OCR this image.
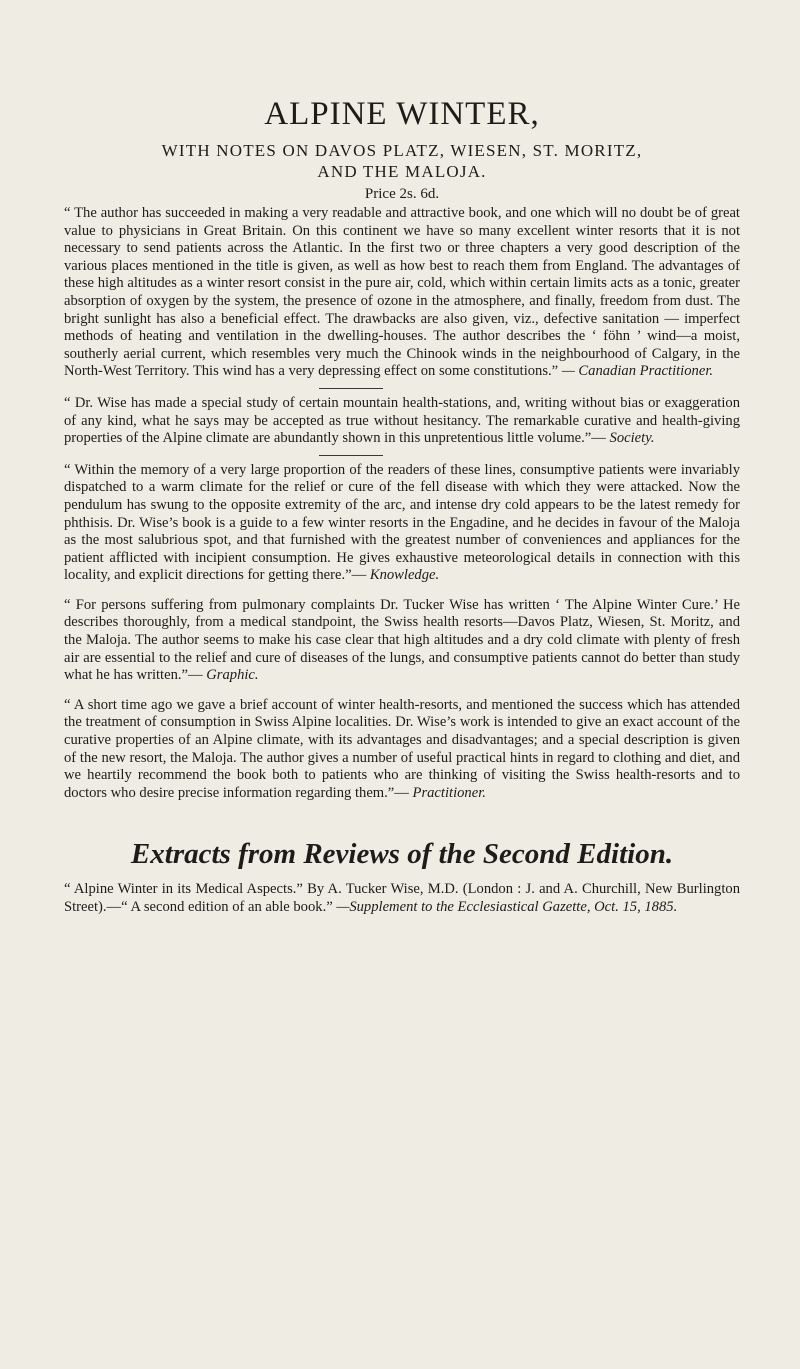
ALPINE WINTER,

WITH NOTES ON DAVOS PLATZ, WIESEN, ST. MORITZ,

AND THE MALOJA.

Price 2s. 6d.

“ The author has succeeded in making a very readable and attractive book, and one which will no doubt be of great value to physicians in Great Britain. On this continent we have so many excellent winter resorts that it is not necessary to send patients across the Atlantic. In the first two or three chapters a very good description of the various places mentioned in the title is given, as well as how best to reach them from England. The advantages of these high altitudes as a winter resort consist in the pure air, cold, which within certain limits acts as a tonic, greater absorption of oxygen by the system, the presence of ozone in the atmosphere, and finally, freedom from dust. The bright sunlight has also a beneficial effect. The drawbacks are also given, viz., defective sanitation — imperfect methods of heating and ventilation in the dwelling-houses. The author describes the ‘ föhn ’ wind—a moist, southerly aerial current, which resembles very much the Chinook winds in the neighbourhood of Calgary, in the North-West Territory. This wind has a very depressing effect on some constitutions.” — Canadian Practitioner.

“ Dr. Wise has made a special study of certain mountain health-stations, and, writing without bias or exaggeration of any kind, what he says may be accepted as true without hesitancy. The remarkable curative and health-giving properties of the Alpine climate are abundantly shown in this unpretentious little volume.”— Society.

“ Within the memory of a very large proportion of the readers of these lines, consumptive patients were invariably dispatched to a warm climate for the relief or cure of the fell disease with which they were attacked. Now the pendulum has swung to the opposite extremity of the arc, and intense dry cold appears to be the latest remedy for phthisis. Dr. Wise’s book is a guide to a few winter resorts in the Engadine, and he decides in favour of the Maloja as the most salubrious spot, and that furnished with the greatest number of conveniences and appliances for the patient afflicted with incipient consumption. He gives exhaustive meteorological details in connection with this locality, and explicit directions for getting there.”— Knowledge.

“ For persons suffering from pulmonary complaints Dr. Tucker Wise has written ‘ The Alpine Winter Cure.’ He describes thoroughly, from a medical standpoint, the Swiss health resorts—Davos Platz, Wiesen, St. Moritz, and the Maloja. The author seems to make his case clear that high altitudes and a dry cold climate with plenty of fresh air are essential to the relief and cure of diseases of the lungs, and consumptive patients cannot do better than study what he has written.”— Graphic.

“ A short time ago we gave a brief account of winter health-resorts, and mentioned the success which has attended the treatment of consumption in Swiss Alpine localities. Dr. Wise’s work is intended to give an exact account of the curative properties of an Alpine climate, with its advantages and disadvantages; and a special description is given of the new resort, the Maloja. The author gives a number of useful practical hints in regard to clothing and diet, and we heartily recommend the book both to patients who are thinking of visiting the Swiss health-resorts and to doctors who desire precise information regarding them.”— Practitioner.

Extracts from Reviews of the Second Edition.

“ Alpine Winter in its Medical Aspects.” By A. Tucker Wise, M.D. (London : J. and A. Churchill, New Burlington Street).—“ A second edition of an able book.” —Supplement to the Ecclesiastical Gazette, Oct. 15, 1885.
